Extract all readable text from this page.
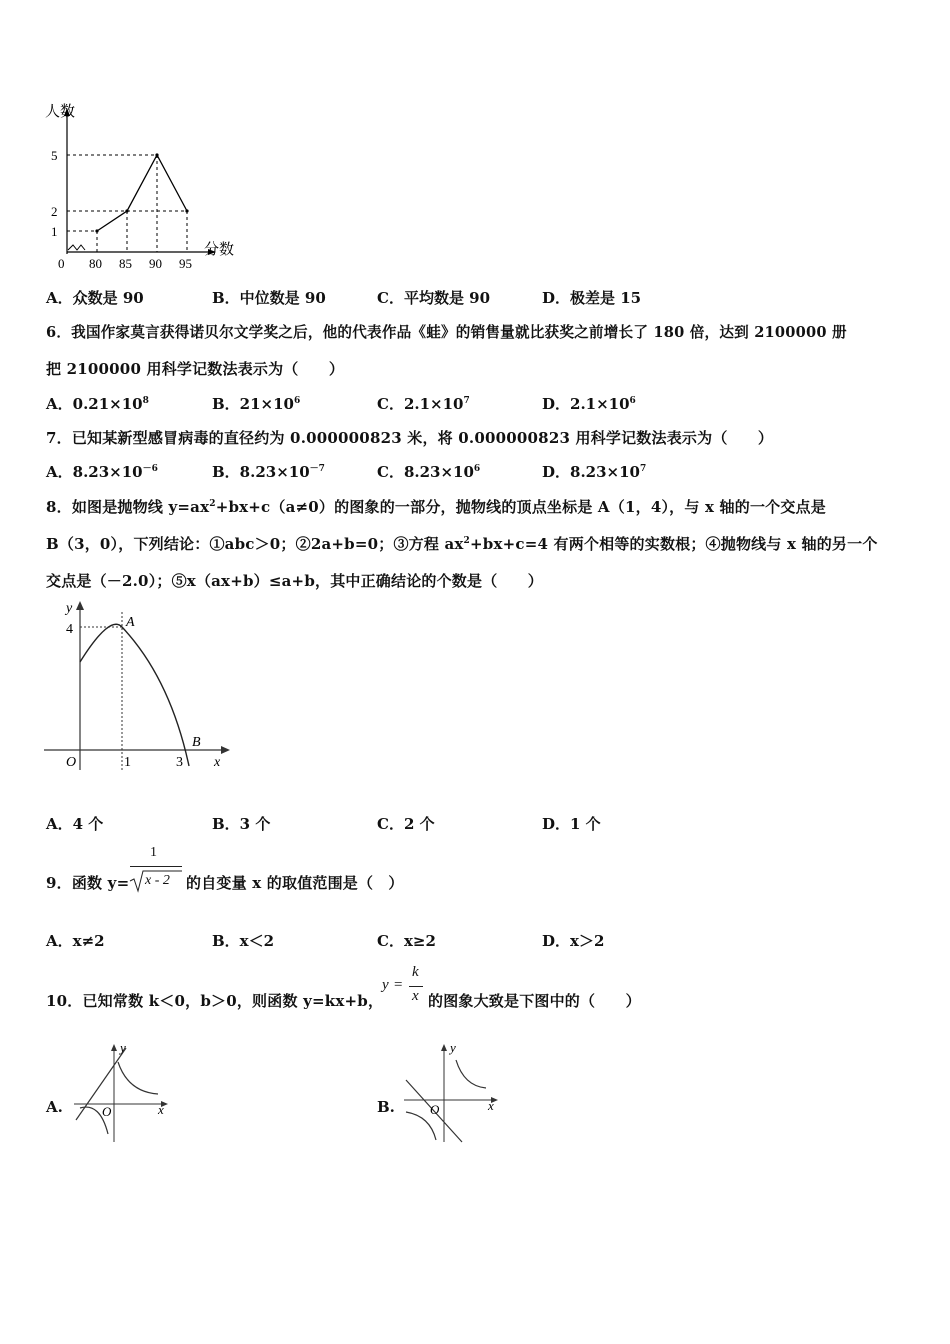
5
2
1
80 85 90 95
人数
分数
0
A．众数是 90	B．中位数是 90	C．平均数是 90	D．极差是 15
6．我国作家莫言获得诺贝尔文学奖之后，他的代表作品《蛙》的销售量就比获奖之前增长了 180 倍，达到 2100000 册
把 2100000 用科学记数法表示为（　　）
A．$0.21\times 10^8$	B．$21\times 10^6$	C．$2.1\times 10^7$	D．$2.1\times 10^6$
7．已知某新型感冒病毒的直径约为 0.000000823 米，将 0.000000823 用科学记数法表示为（　　）
A．$8.23\times 10^{-6}$	B．$8.23\times 10^{-7}$	C．$8.23\times 10^6$	D．$8.23\times 10^7$
8．如图是抛物线 $y=ax^2+bx+c(a\ne 0)$的图象的一部分，抛物线的顶点坐标是 A（1，4），与 x 轴的一个交点是
B（3，0），下列结论：①abc＞0；②2a+b=0；③方程 $ax^2+bx+c=4$ 有两个相等的实数根；④抛物线与 x 轴的另一个
交点是（－2.0）；⑤x（ax+b）≤a+b，其中正确结论的个数是（　　）
y
4	A
B
O	1	3 x
A．4 个	B．3 个	C．2 个	D．1 个
9．函数 y=
1
x - 2 的自变量 x 的取值范围是（　）
A．x≠2	B．x＜2	C．x≥2	D．x＞2
10．已知常数 k＜0，b＞0，则函数 y=kx+b，
y =
k
x 的图象大致是下图中的（　　）
A.
y
x
O	B.
y
x
O
